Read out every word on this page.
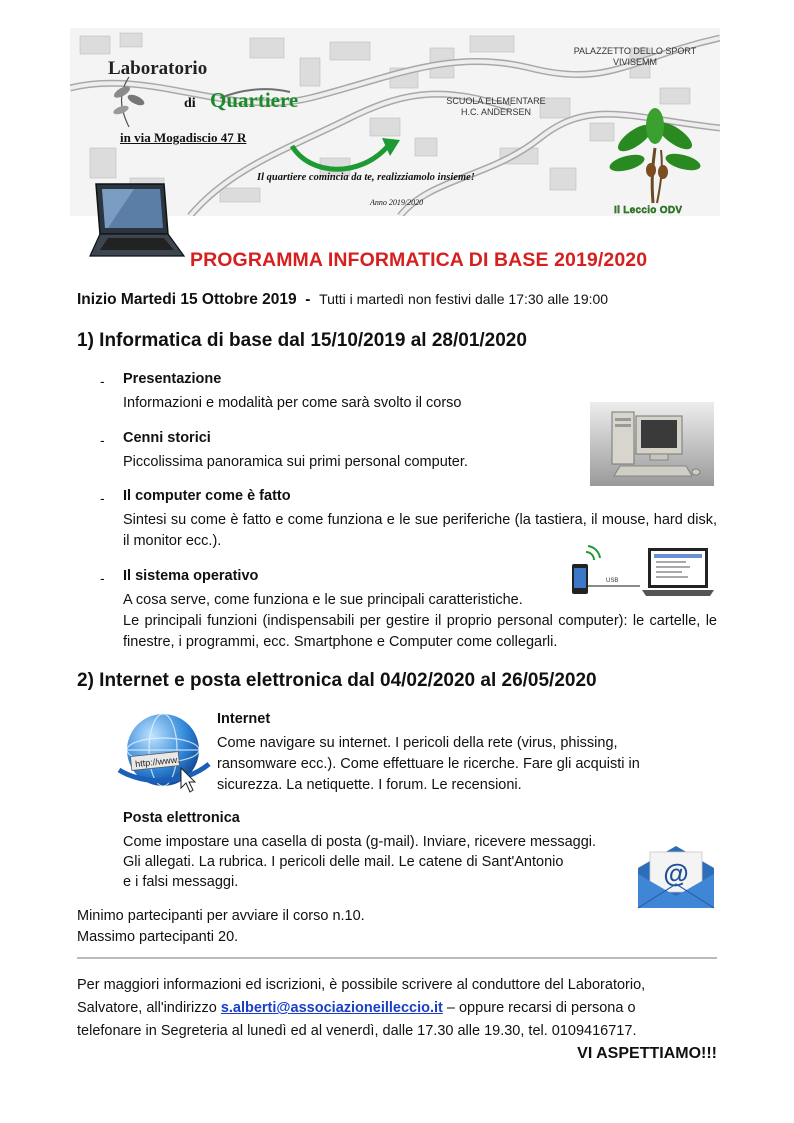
Laboratorio
di Quartiere
in via Mogadiscio 47 R
PALAZZETTO DELLO SPORT
VIVISEMM
SCUOLA ELEMENTARE
H.C. ANDERSEN
Il quartiere comincia da te, realizziamolo insieme!
Anno 2019/2020
Il Leccio ODV
PROGRAMMA INFORMATICA DI BASE 2019/2020
Inizio Martedi 15 Ottobre 2019 - Tutti i martedì non festivi dalle 17:30 alle 19:00
1) Informatica di base dal 15/10/2019 al 28/01/2020
- Presentazione
Informazioni e modalità per come sarà svolto il corso
- Cenni storici
Piccolissima panoramica sui primi personal computer.
- Il computer come è fatto
Sintesi su come è fatto e come funziona e le sue periferiche (la tastiera, il mouse, hard disk, il monitor ecc.).
- Il sistema operativo
A cosa serve, come funziona e le sue principali caratteristiche.
Le principali funzioni (indispensabili per gestire il proprio personal computer): le cartelle, le finestre, i programmi, ecc. Smartphone e Computer come collegarli.
USB
2) Internet e posta elettronica dal 04/02/2020 al 26/05/2020
http://www.
Internet
Come navigare su internet. I pericoli della rete (virus, phissing, ransomware ecc.). Come effettuare le ricerche. Fare gli acquisti in sicurezza. La netiquette. I forum. Le recensioni.
Posta elettronica
Come impostare una casella di posta (g-mail). Inviare, ricevere messaggi.
Gli allegati. La rubrica. I pericoli delle mail. Le catene di Sant'Antonio
e i falsi messaggi.	@
Minimo partecipanti per avviare il corso n.10.
Massimo partecipanti 20.
Per maggiori informazioni ed iscrizioni, è possibile scrivere al conduttore del Laboratorio,
Salvatore, all'indirizzo s.alberti@associazioneilleccio.it – oppure recarsi di persona o
telefonare in Segreteria al lunedì ed al venerdì, dalle 17.30 alle 19.30, tel. 0109416717.
VI ASPETTIAMO!!!
